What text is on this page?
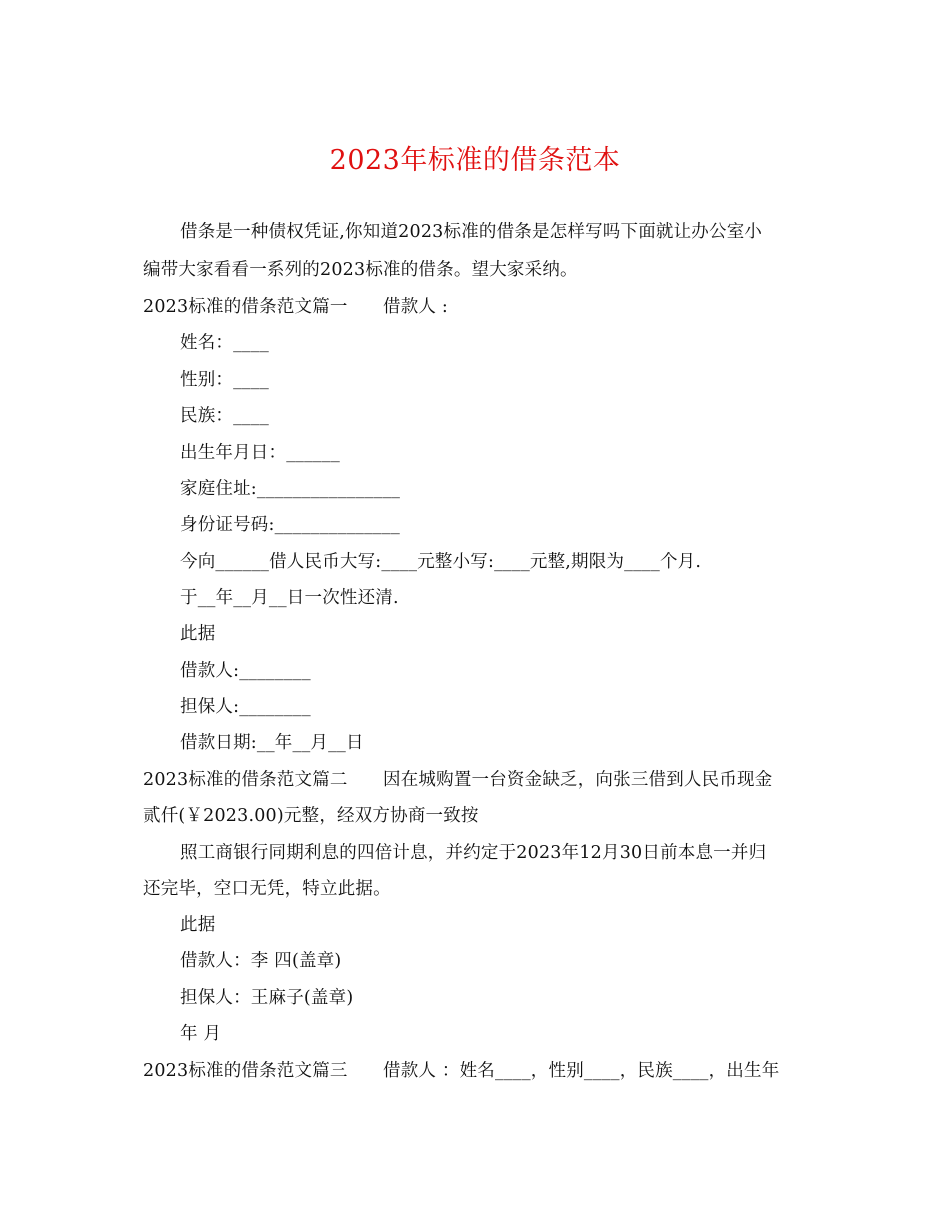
2023年标准的借条范本
借条是一种债权凭证,你知道2023标准的借条是怎样写吗下面就让办公室小
编带大家看看一系列的2023标准的借条。望大家采纳。
2023标准的借条范文篇一　　借款人 :
姓名：____
性别：____
民族：____
出生年月日：______
家庭住址:________________
身份证号码:______________
今向______借人民币大写:____元整小写:____元整,期限为____个月.
于__年__月__日一次性还清.
此据
借款人:________
担保人:________
借款日期:__年__月__日
2023标准的借条范文篇二　　因在城购置一台资金缺乏，向张三借到人民币现金
贰仟(￥2023.00)元整，经双方协商一致按
照工商银行同期利息的四倍计息，并约定于2023年12月30日前本息一并归
还完毕，空口无凭，特立此据。
此据
借款人：李 四(盖章)
担保人：王麻子(盖章)
年 月
2023标准的借条范文篇三　　借款人 ：姓名____，性别____，民族____，出生年
